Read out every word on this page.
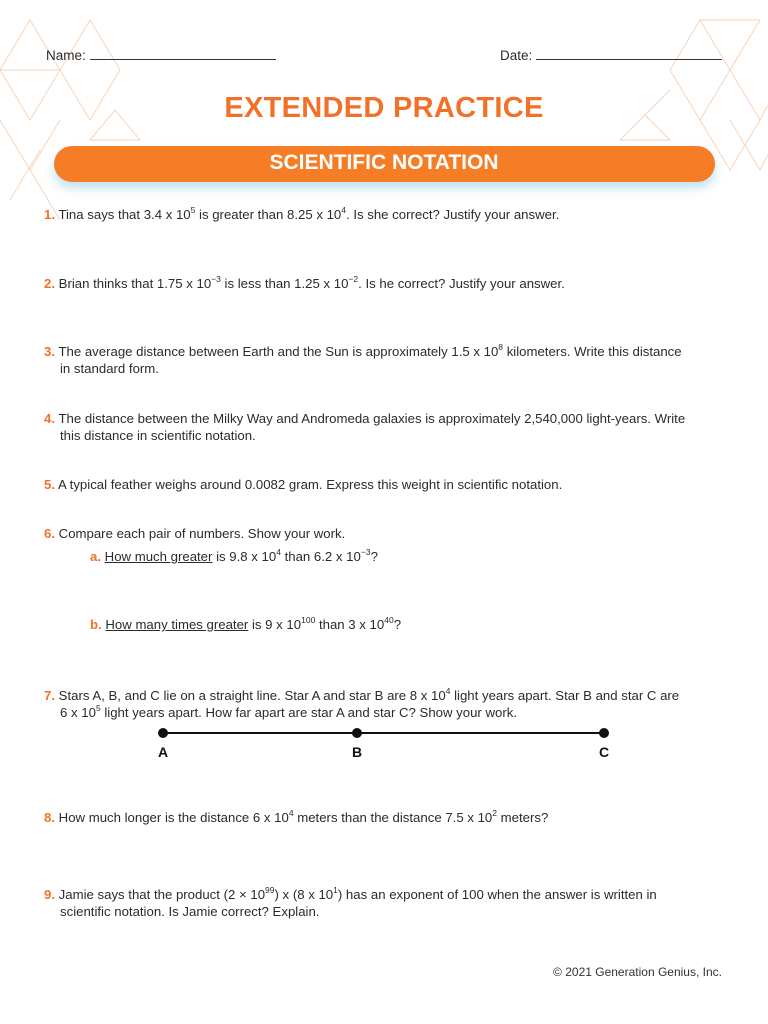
Name:	Date:
EXTENDED PRACTICE
SCIENTIFIC NOTATION
1. Tina says that 3.4 x $10^5$ is greater than 8.25 x $10^4$. Is she correct? Justify your answer.
2. Brian thinks that 1.75 x $10^{-3}$ is less than 1.25 x $10^{-2}$. Is he correct? Justify your answer.
3. The average distance between Earth and the Sun is approximately 1.5 x $10^8$ kilometers. Write this distance
in standard form.
4. The distance between the Milky Way and Andromeda galaxies is approximately 2,540,000 light-years. Write
this distance in scientific notation.
5. A typical feather weighs around 0.0082 gram. Express this weight in scientific notation.
6. Compare each pair of numbers. Show your work.
a. How much greater is 9.8 x $10^4$ than 6.2 x $10^{-3}$?
b. How many times greater is 9 x $10^{100}$ than 3 x $10^{40}$?
7. Stars A, B, and C lie on a straight line. Star A and star B are 8 x $10^4$ light years apart. Star B and star C are
6 x $10^5$ light years apart. How far apart are star A and star C? Show your work.
A	B	C
8. How much longer is the distance 6 x $10^4$ meters than the distance 7.5 x $10^2$ meters?
9. Jamie says that the product $(2 \times 10^{99})$ x (8 x $10^1$) has an exponent of 100 when the answer is written in
scientific notation. Is Jamie correct? Explain.
© 2021 Generation Genius, Inc.
